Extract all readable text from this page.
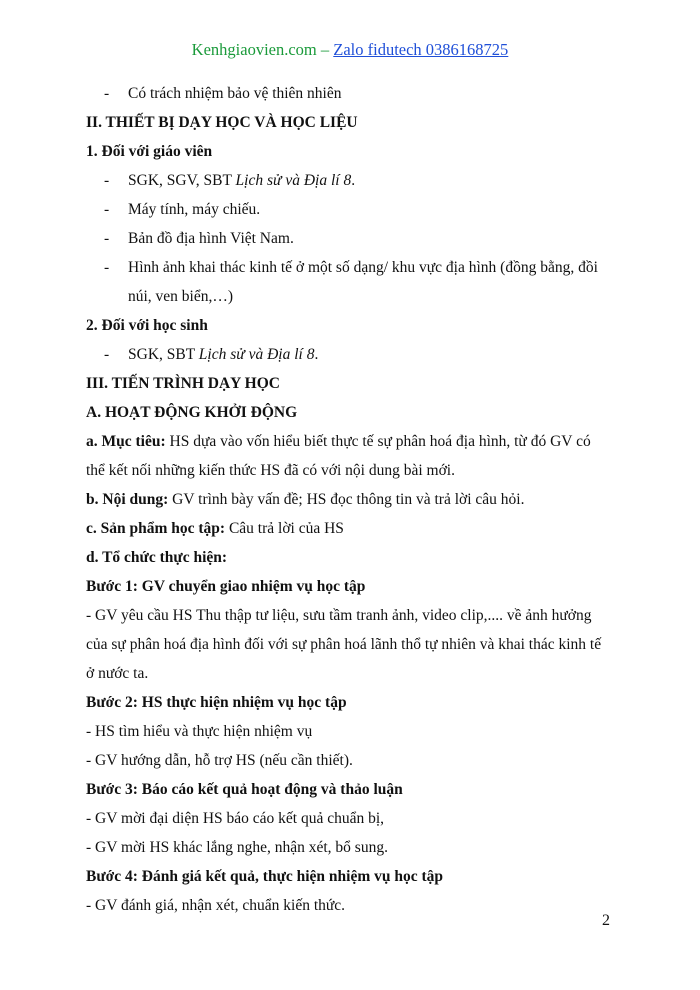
Kenhgiaovien.com – Zalo fidutech 0386168725

- Có trách nhiệm bảo vệ thiên nhiên

II. THIẾT BỊ DẠY HỌC VÀ HỌC LIỆU

1. Đối với giáo viên

- SGK, SGV, SBT Lịch sử và Địa lí 8.

- Máy tính, máy chiếu.

- Bản đồ địa hình Việt Nam.

- Hình ảnh khai thác kinh tế ở một số dạng/ khu vực địa hình (đồng bằng, đồi

núi, ven biển,…)

2. Đối với học sinh

- SGK, SBT Lịch sử và Địa lí 8.

III. TIẾN TRÌNH DẠY HỌC

A. HOẠT ĐỘNG KHỞI ĐỘNG

a. Mục tiêu: HS dựa vào vốn hiểu biết thực tế sự phân hoá địa hình, từ đó GV có

thể kết nối những kiến thức HS đã có với nội dung bài mới.

b. Nội dung: GV trình bày vấn đề; HS đọc thông tin và trả lời câu hỏi.

c. Sản phẩm học tập: Câu trả lời của HS

d. Tổ chức thực hiện:

Bước 1: GV chuyển giao nhiệm vụ học tập

- GV yêu cầu HS Thu thập tư liệu, sưu tầm tranh ảnh, video clip,.... về ảnh hưởng

của sự phân hoá địa hình đối với sự phân hoá lãnh thổ tự nhiên và khai thác kinh tế

ở nước ta.

Bước 2: HS thực hiện nhiệm vụ học tập

- HS tìm hiểu và thực hiện nhiệm vụ

- GV hướng dẫn, hỗ trợ HS (nếu cần thiết).

Bước 3: Báo cáo kết quả hoạt động và thảo luận

- GV mời đại diện HS báo cáo kết quả chuẩn bị,

- GV mời HS khác lắng nghe, nhận xét, bổ sung.

Bước 4: Đánh giá kết quả, thực hiện nhiệm vụ học tập

- GV đánh giá, nhận xét, chuẩn kiến thức.

2
